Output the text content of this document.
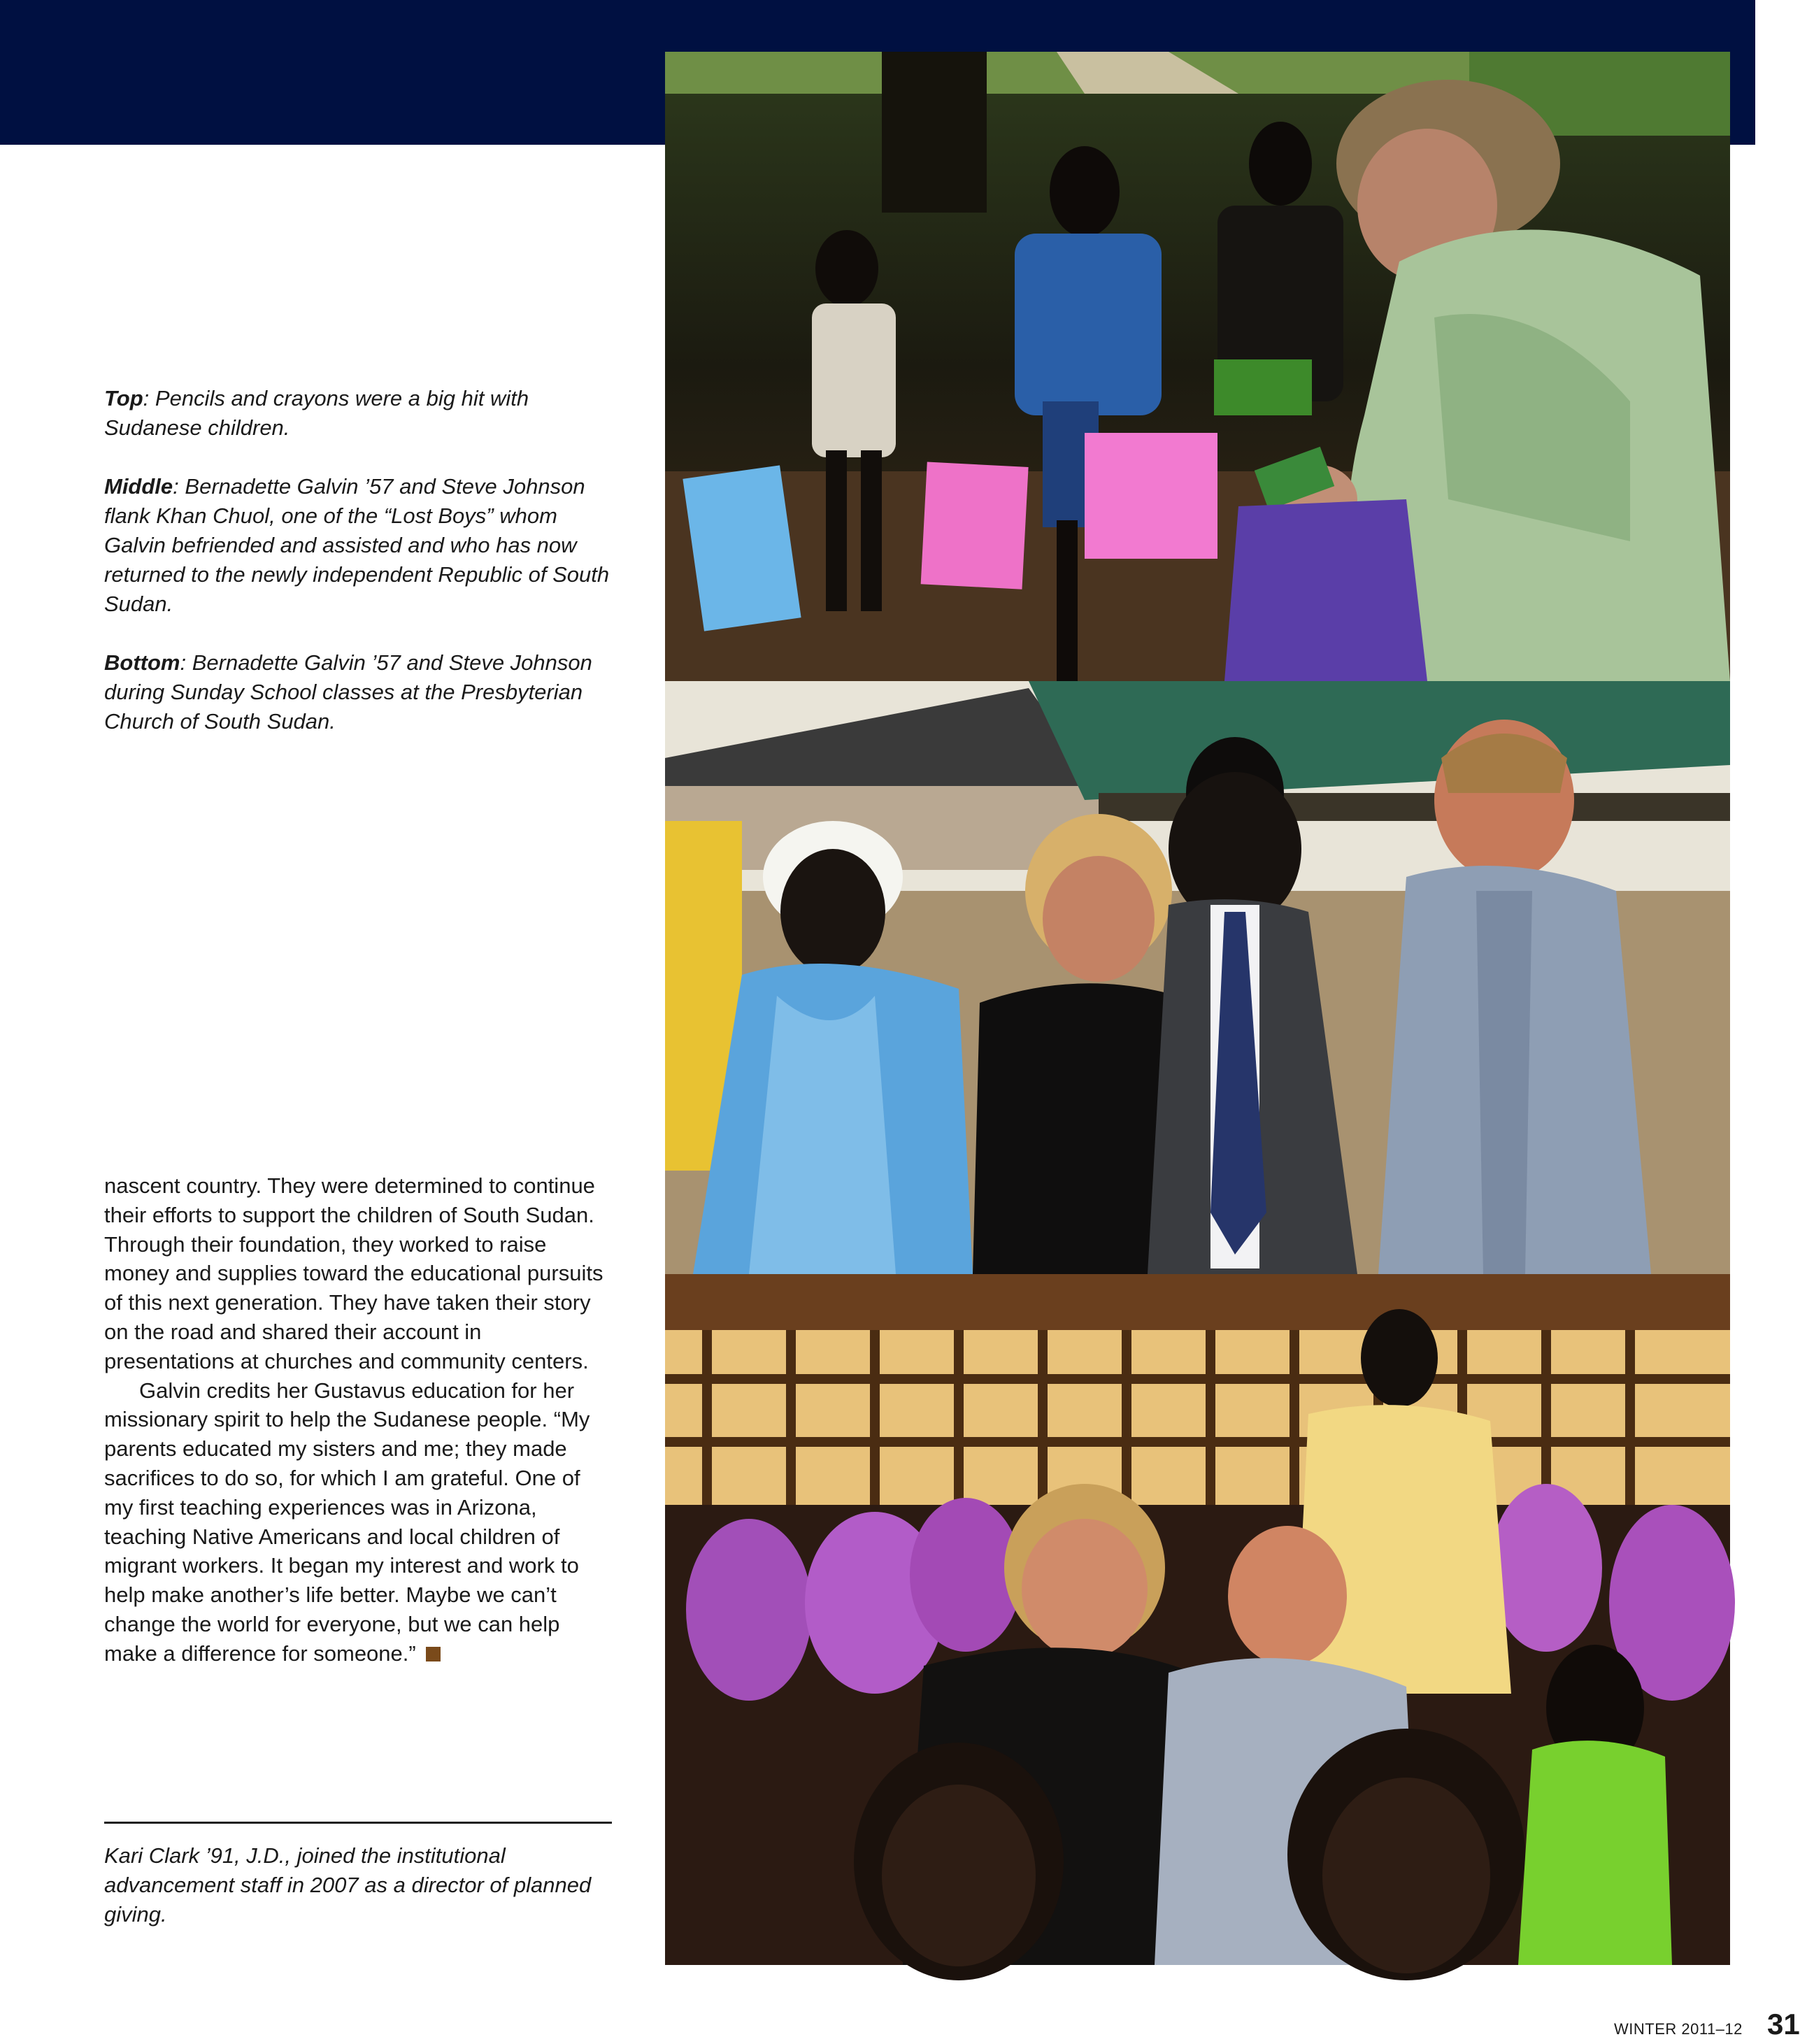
Top: Pencils and crayons were a big hit with Sudanese children.

Middle: Bernadette Galvin ’57 and Steve Johnson flank Khan Chuol, one of the “Lost Boys” whom Galvin befriended and assisted and who has now returned to the newly independent Republic of South Sudan.

Bottom: Bernadette Galvin ’57 and Steve Johnson during Sunday School classes at the Presbyterian Church of South Sudan.

nascent country. They were determined to continue their efforts to support the children of South Sudan. Through their foundation, they worked to raise money and supplies toward the educational pursuits of this next generation. They have taken their story on the road and shared their account in presentations at churches and community centers.

Galvin credits her Gustavus education for her missionary spirit to help the Sudanese people. “My parents educated my sisters and me; they made sacrifices to do so, for which I am grateful. One of my first teaching experiences was in Arizona, teaching Native Americans and local children of migrant workers. It began my interest and work to help make another’s life better. Maybe we can’t change the world for everyone, but we can help make a difference for someone.”

Kari Clark ’91, J.D., joined the institutional advancement staff in 2007 as a director of planned giving.
WINTER 2011–12 31
